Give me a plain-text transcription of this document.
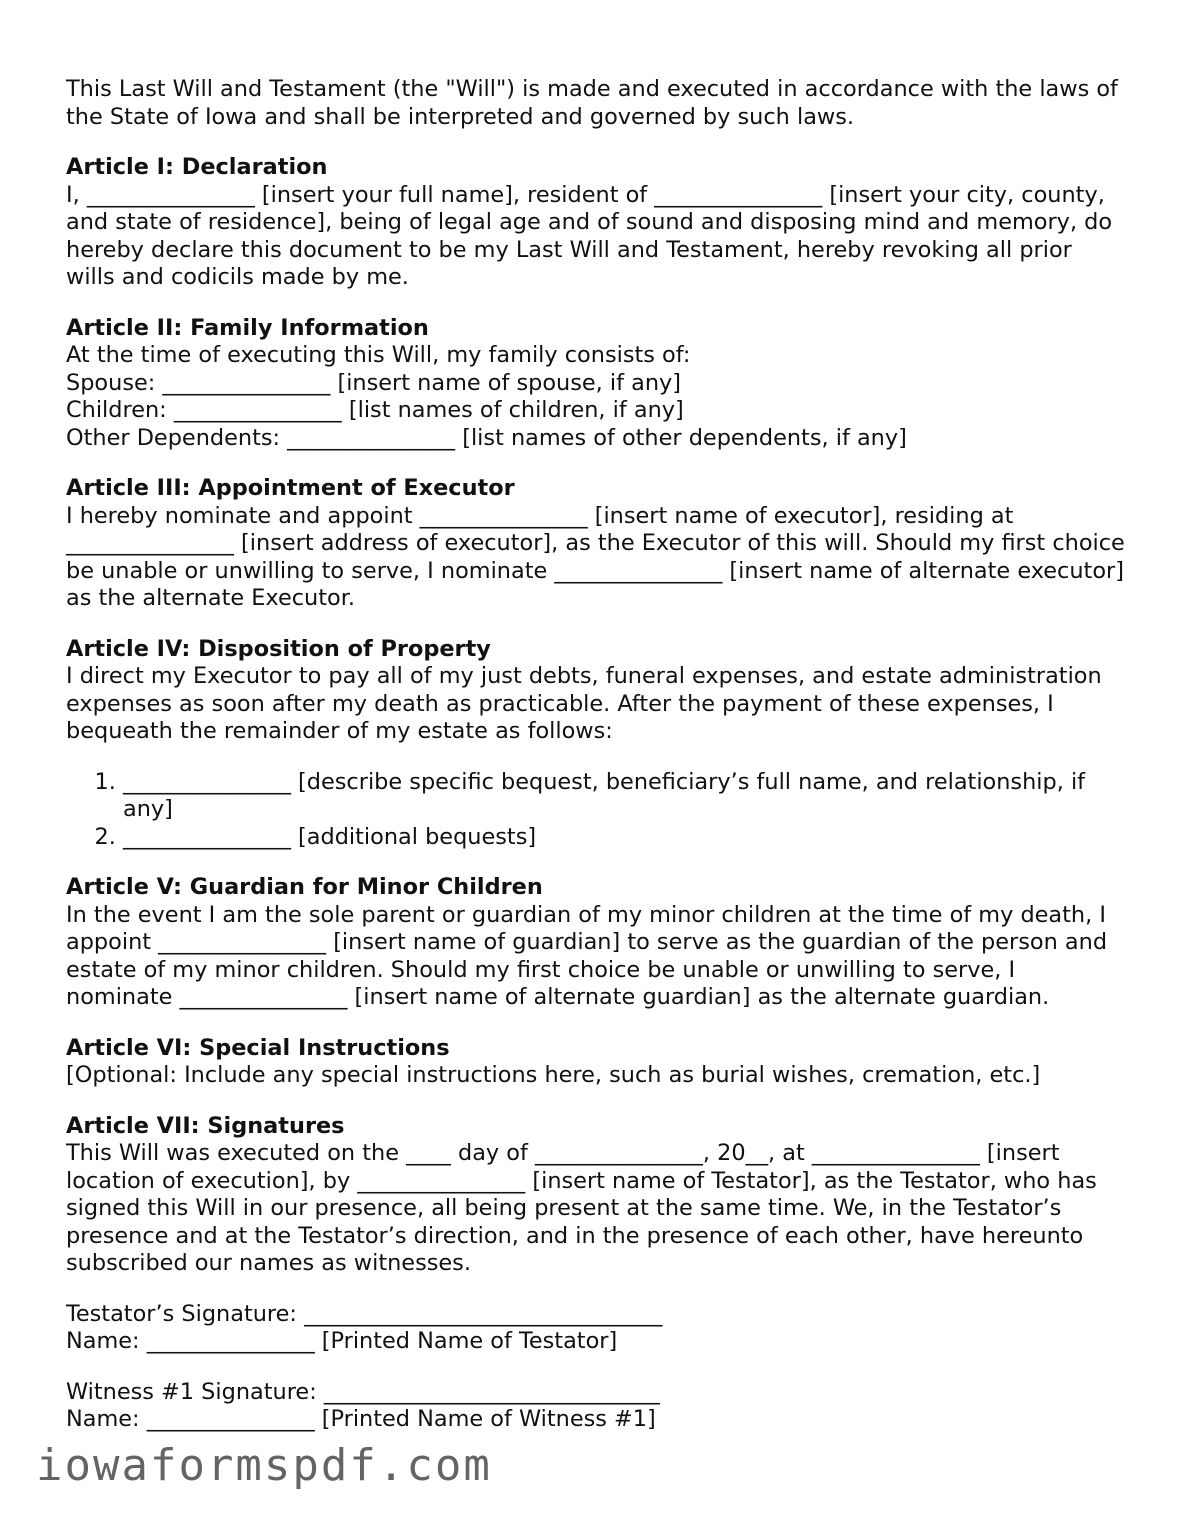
This Last Will and Testament (the "Will") is made and executed in accordance with the laws of the State of Iowa and shall be interpreted and governed by such laws.

Article I: Declaration

I, _______________ [insert your full name], resident of _______________ [insert your city, county, and state of residence], being of legal age and of sound and disposing mind and memory, do hereby declare this document to be my Last Will and Testament, hereby revoking all prior wills and codicils made by me.

Article II: Family Information
At the time of executing this Will, my family consists of:
Spouse: _______________ [insert name of spouse, if any]
Children: _______________ [list names of children, if any]
Other Dependents: _______________ [list names of other dependents, if any]
Article III: Appointment of Executor

I hereby nominate and appoint _______________ [insert name of executor], residing at _______________ [insert address of executor], as the Executor of this will. Should my first choice be unable or unwilling to serve, I nominate _______________ [insert name of alternate executor] as the alternate Executor.

Article IV: Disposition of Property

I direct my Executor to pay all of my just debts, funeral expenses, and estate administration expenses as soon after my death as practicable. After the payment of these expenses, I bequeath the remainder of my estate as follows:

1. _______________ [describe specific bequest, beneficiary’s full name, and relationship, if any]
2. _______________ [additional bequests]
Article V: Guardian for Minor Children

In the event I am the sole parent or guardian of my minor children at the time of my death, I appoint _______________ [insert name of guardian] to serve as the guardian of the person and estate of my minor children. Should my first choice be unable or unwilling to serve, I nominate _______________ [insert name of alternate guardian] as the alternate guardian.

Article VI: Special Instructions

[Optional: Include any special instructions here, such as burial wishes, cremation, etc.]

Article VII: Signatures

This Will was executed on the ____ day of _______________, 20__, at _______________ [insert location of execution], by _______________ [insert name of Testator], as the Testator, who has signed this Will in our presence, all being present at the same time. We, in the Testator’s presence and at the Testator’s direction, and in the presence of each other, have hereunto subscribed our names as witnesses.

Testator’s Signature: ________________________________
Name: _______________ [Printed Name of Testator]
Witness #1 Signature: ______________________________
Name: _______________ [Printed Name of Witness #1]
iowaformspdf.com
